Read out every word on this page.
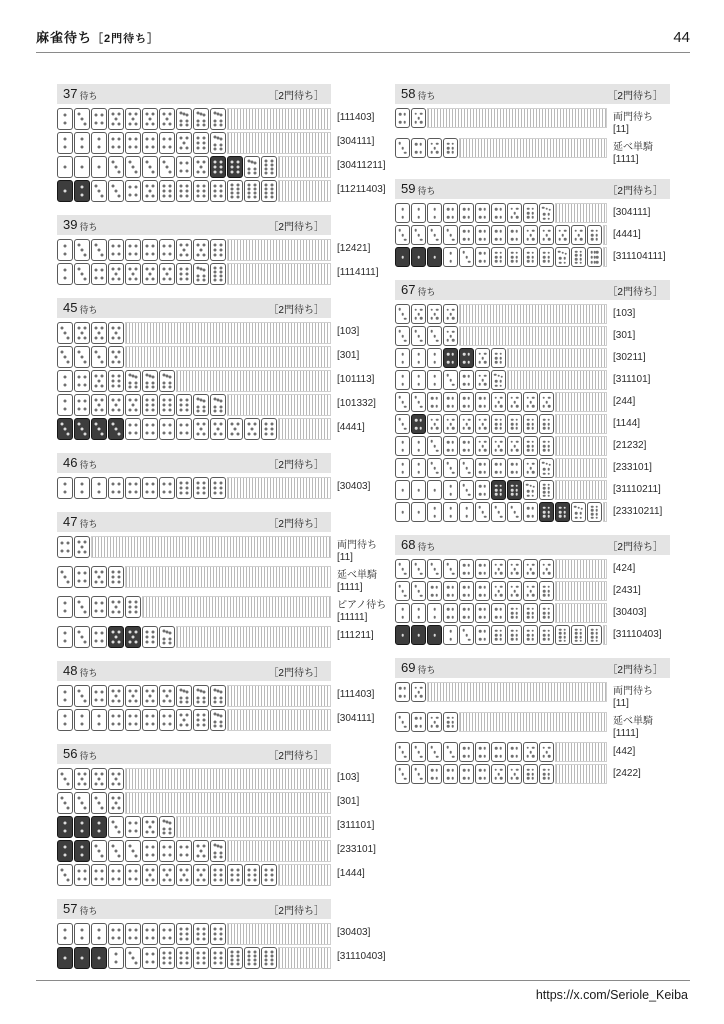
麻雀待ち［2門待ち］	44
37 待ち	［2門待ち］
[111403]
[304111]
[30411211]
[11211403]
39 待ち	［2門待ち］
[12421]
[1114111]
45 待ち	［2門待ち］
[103]
[301]
[101113]
[101332]
[4441]
46 待ち	［2門待ち］
[30403]
47 待ち	［2門待ち］
両門待ち
[11]
延べ単騎
[1111]
ピアノ待ち
[11111]
[111211]
48 待ち	［2門待ち］
[111403]
[304111]
56 待ち	［2門待ち］
[103]
[301]
[311101]
[233101]
[1444]
57 待ち	［2門待ち］
[30403]
[31110403]
58 待ち	［2門待ち］
両門待ち
[11]
延べ単騎
[1111]
59 待ち	［2門待ち］
[304111]
[4441]
[311104111]
67 待ち	［2門待ち］
[103]
[301]
[30211]
[311101]
[244]
[1144]
[21232]
[233101]
[31110211]
[23310211]
68 待ち	［2門待ち］
[424]
[2431]
[30403]
[31110403]
69 待ち	［2門待ち］
両門待ち
[11]
延べ単騎
[1111]
[442]
[2422]
https://x.com/Seriole_Keiba
